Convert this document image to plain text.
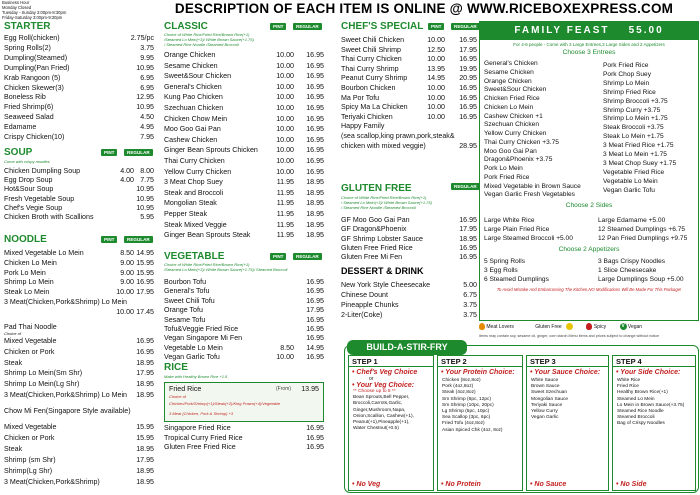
Business Hour
Monday Closed
Tuesday - Sunday 3:00pm-8:30pm
Friday-Saturday 3:00pm-9:30pm
DESCRIPTION OF EACH ITEM IS ONLINE @ WWW.RICEBOXEXPRESS.COM
STARTER
Egg Roll(chicken)	2.75/pc
Spring Rolls(2)	3.75
Dumpling(Steamed)	9.95
Dumpling(Pan Fried)	10.95
Krab Rangoon (5)	6.95
Chicken Skewer(3)	6.95
Boneless Rib	12.95
Fried Shrimp(6)	10.95
Seaweed Salad	4.50
Edamame	4.95
Crispy Chicken(10)	7.95
SOUP	PINT	REGULAR
Come with crispy noodles
Chicken Dumpling Soup	4.00 8.00
Egg Drop Soup	4.00 7.75
Hot&Sour Soup	10.95
Fresh Vegetable Soup	10.95
Chef's Vegie Soup	10.95
Chicken Broth with Scallions	5.95
NOODLE	PINT	REGULAR
Mixed Vegetable Lo Mein	8.50 14.95
Chicken Lo Mein	9.00 15.95
Pork Lo Mein	9.00 15.95
Shrimp Lo Mein	9.00 16.95
Steak Lo Mein	10.00 17.95
3 Meat(Chicken,Pork&Shrimp) Lo Mein
10.00 17.45
Pad Thai Noodle
Choice of
Mixed Vegetable	16.95
Chicken or Pork	16.95
Steak	18.95
Shrimp Lo Mein(Sm Shr)	17.95
Shrimp Lo Mein(Lg Shr)	18.95
3 Meat(Chicken,Pork&Shrimp) Lo Mein 18.95
Chow Mi Fen(Singapore Style available)
Mixed Vegetable	15.95
Chicken or Pork	15.95
Steak	18.95
Shrimp (sm Shr)	17.95
Shrimp(Lg Shr)	18.95
3 Meat(Chicken,Pork&Shrimp)	18.95
CLASSIC	PINT	REGULAR
Choice of White Rice/Fried Rice/Brown Rice(+1)
/Steamed Lo Mein(+3)/ White Brown Sauce(+1.75)
/ Steamed Rice Noodle /Steamed Broccoli
Orange Chicken	10.00 16.95
Sesame Chicken	10.00 16.95
Sweet&Sour Chicken	10.00 16.95
General's Chicken	10.00 16.95
Kung Pao Chicken	10.00 16.95
Szechuan Chicken	10.00 16.95
Chicken Chow Mein	10.00 16.95
Moo Goo Gai Pan	10.00 16.95
Cashew Chicken	10.00 16.95
Ginger Bean Sprouts Chicken	10.00 16.95
Thai Curry Chicken	10.00 16.95
Yellow Curry Chicken	10.00 16.95
3 Meat Chop Suey	11.95 18.95
Steak and Broccoli	11.95 18.95
Mongolian Steak	11.95 18.95
Pepper Steak	11.95 18.95
Steak Mixed Veggie	11.95 18.95
Ginger Bean Sprouts Steak	11.95 18.95
VEGETABLE	PINT	REGULAR
Choice of White Rice/Fried Rice/Brown Rice(+1)
/Steamed Lo Mein(+3)/ White Brown Sauce(+1.75)/ Steamed Broccoli
Bourbon Tofu	16.95
General's Tofu	16.95
Sweet Chili Tofu	16.95
Orange Tofu	17.95
Sesame Tofu	16.95
Tofu&Veggie Fried Rice	16.95
Vegan Singapore Mi Fen	16.95
Vegetable Lo Mein	8.50 14.95
Vegan Garlic Tofu	10.00 16.95
RICE
Make with Healthy Brown Rice +1.5
Fried Rice	(From) 13.95
Choice of
Chicken/Pork/Shrimp(+1)/Steak(+2)/King Prawn(+4)/Vegetable
3 Meat (Chicken, Pork & Shrimp) +3
Singapore Fried Rice	16.95
Tropical Curry Fried Rice	16.95
Gluten Free Fried Rice	16.95
CHEF'S SPECIAL	PINT	REGULAR
Sweet Chili Chicken	10.00 16.95
Sweet Chili Shrimp	12.50 17.95
Thai Curry Chicken	10.00 16.95
Thai Curry Shrimp	13.95 19.95
Peanut Curry Shrimp	14.95 20.95
Bourbon Chicken	10.00 16.95
Ma Por Tofu	10.00 16.95
Spicy Ma La Chicken	10.00 16.95
Teriyaki Chicken	10.00 16.95
Happy Family
(sea scallop,king prawn,pork,steak&
chicken with mixed veggie)	28.95
GLUTEN FREE	REGULAR
Choice of White Rice/Fried Rice/Brown Rice(+1)
/ Steamed Lo Mein(+3)/ White Brown Sauce(+1.75)
/ Steamed Rice Noodle /Steamed Broccoli
GF Moo Goo Gai Pan	16.95
GF Dragon&Phoenix	17.95
GF Shrimp Lobster Sauce	18.95
Gluten Free Fried Rice	16.95
Gluten Free Mi Fen	16.95
DESSERT & DRINK
New York Style Cheesecake	5.00
Chinese Dount	6.75
Pineapple Chunks	3.75
2-Liter(Coke)	3.75
FAMILY FEAST 55.00
For 4-6 people - Come with 3 Large Entrees,2 Large Sides and 2 Appetizers
Choose 3 Entrees
General's Chicken
Sesame Chicken
Orange Chicken
Sweet&Sour Chicken
Chicken Fried Rice
Chicken Lo Mein
Cashew Chicken +1
Szechuan Chicken
Yellow Curry Chicken
Thai Curry Chicken +3.75
Moo Goo Gai Pan
Dragon&Phoenix +3.75
Pork Lo Mein
Pork Fried Rice
Mixed Vegetable in Brown Sauce
Vegan Garlic Fresh Vegetables
Pork Fried Rice
Pork Chop Suey
Shrimp Lo Mein
Shrimp Fried Rice
Shrimp Broccoli +3.75
Shrimp Curry +3.75
Shrimp Lo Mein +1.75
Steak Broccoli +3.75
Steak Lo Mein +1.75
3 Meat Fried Rice +1.75
3 Meat Lo Mein +1.75
3 Meat Chop Suey +1.75
Vegetable Fried Rice
Vegetable Lo Mein
Vegan Garlic Tofu
Choose 2 Sides
Large White Rice	Large Edamame +5.00
Large Plain Fried Rice	12 Steamed Dumplings +6.75
Large Steamed Broccoli +5.00	12 Pan Fried Dumplings +9.75
Choose 2 Appetizers
5 Spring Rolls	3 Bags Crispy Noodles
3 Egg Rolls	1 Slice Cheesecake
6 Steamed Dumplings	Large Dumplings Soup +5.00
To Avoid Mistake And Embarrassing The Kitchen,NO Modifications Will Be Made For This Package!
Meat Lovers	Gluten Free	Spicy	V Vegan
Items may contain soy, sesame oil, ginger, corn starch.Menu items and prices subject to change without notice
BUILD-A-STIR-FRY
STEP 1
• Chef's Veg Choice
or
• Your Veg Choice:
** Choose up to 5 **
Bean Sprouts,Bell Pepper,
Broccoli,Carrots,Garlic,
Ginger,Mushroom,Napa,
Onion,Scallion, Cashew(+1),
Peanut(+1),Pineapple(+1),
Water Chestnut(+0.5)
• No Veg
STEP 2
• Your Protein Choice:
Chicken (8oz,8oz)
Pork (4oz,8oz)
Steak (4oz,8oz)
Sm Shrimp (6pc, 12pc)
Sm Shrimp (10pc, 20pc)
Lg Shrimp (5pc, 10pc)
Sea Scallop (3pc, 6pc)
Fried Tofu (4oz,8oz)
Asian Spiced Chk (4oz, 8oz)
• No Protein
STEP 3
• Your Sauce Choice:
White Sauce
Brown Sauce
Sweet Szechuan
Mongolian Sauce
Teriyaki Sauce
Yellow Curry
Vegan Garlic
• No Sauce
STEP 4
• Your Side Choice:
White Rice
Fried Rice
Healthy Brown Rice(+1)
Steamed Lo Mein
Lo Mein in Brown Sauce(+3.75)
Steamed Rice Noodle
Steamed Broccoli
Bag of Crispy Noodles
• No Side
